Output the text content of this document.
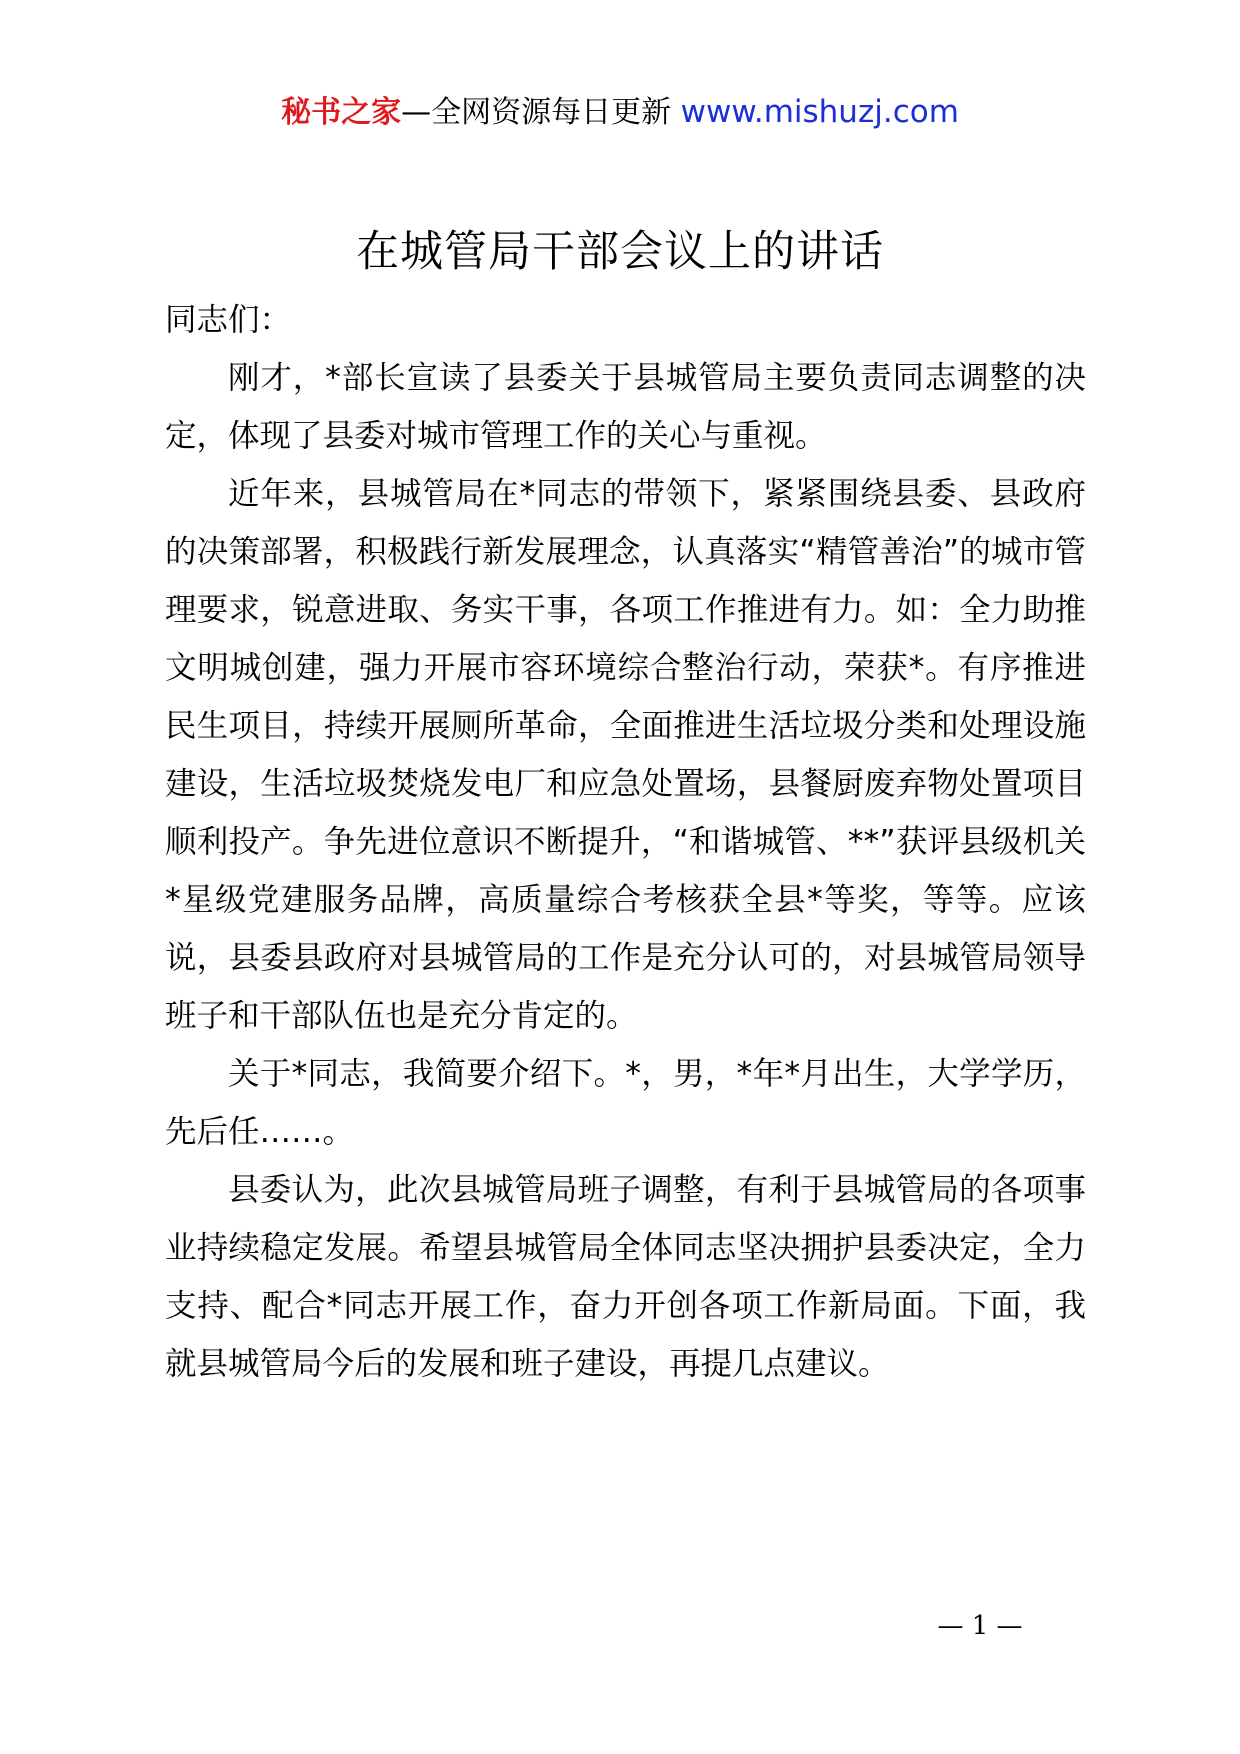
秘书之家—全网资源每日更新 www.mishuzj.com
在城管局干部会议上的讲话

同志们：

刚才，*部长宣读了县委关于县城管局主要负责同志调整的决定，体现了县委对城市管理工作的关心与重视。

近年来，县城管局在*同志的带领下，紧紧围绕县委、县政府的决策部署，积极践行新发展理念，认真落实“精管善治”的城市管理要求，锐意进取、务实干事，各项工作推进有力。如：全力助推文明城创建，强力开展市容环境综合整治行动，荣获*。有序推进民生项目，持续开展厕所革命，全面推进生活垃圾分类和处理设施建设，生活垃圾焚烧发电厂和应急处置场，县餐厨废弃物处置项目顺利投产。争先进位意识不断提升，“和谐城管、**”获评县级机关*星级党建服务品牌，高质量综合考核获全县*等奖，等等。应该说，县委县政府对县城管局的工作是充分认可的，对县城管局领导班子和干部队伍也是充分肯定的。

关于*同志，我简要介绍下。*，男，*年*月出生，大学学历，先后任……。

县委认为，此次县城管局班子调整，有利于县城管局的各项事业持续稳定发展。希望县城管局全体同志坚决拥护县委决定，全力支持、配合*同志开展工作，奋力开创各项工作新局面。下面，我就县城管局今后的发展和班子建设，再提几点建议。

— 1 —
